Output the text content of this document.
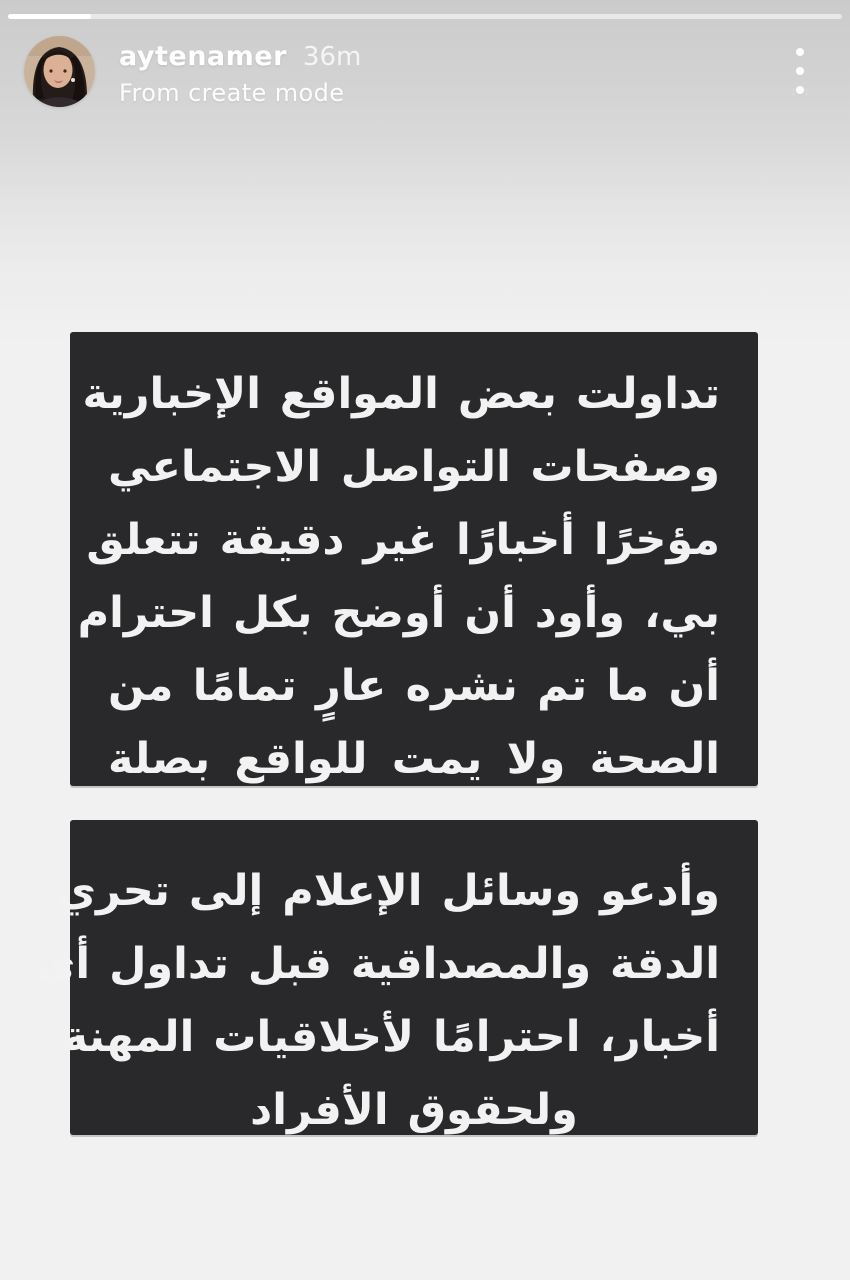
aytenamer 36m
From create mode
تداولت بعض المواقع الإخبارية
وصفحات التواصل الاجتماعي
مؤخرًا أخبارًا غير دقيقة تتعلق
بي، وأود أن أوضح بكل احترام
أن ما تم نشره عارٍ تمامًا من
الصحة ولا يمت للواقع بصلة
وأدعو وسائل الإعلام إلى تحري
الدقة والمصداقية قبل تداول أي
أخبار، احترامًا لأخلاقيات المهنة
ولحقوق الأفراد
